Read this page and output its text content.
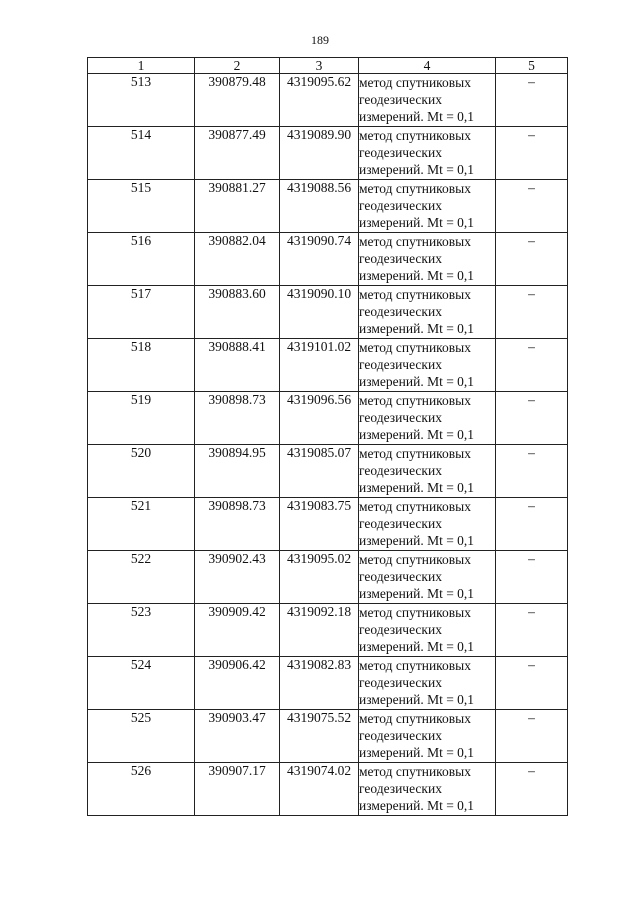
189
1	2	3	4	5
513	390879.48	4319095.62	метод спутниковых
геодезических
измерений. Mt = 0,1	–
514	390877.49	4319089.90	метод спутниковых
геодезических
измерений. Mt = 0,1	–
515	390881.27	4319088.56	метод спутниковых
геодезических
измерений. Mt = 0,1	–
516	390882.04	4319090.74	метод спутниковых
геодезических
измерений. Mt = 0,1	–
517	390883.60	4319090.10	метод спутниковых
геодезических
измерений. Mt = 0,1	–
518	390888.41	4319101.02	метод спутниковых
геодезических
измерений. Mt = 0,1	–
519	390898.73	4319096.56	метод спутниковых
геодезических
измерений. Mt = 0,1	–
520	390894.95	4319085.07	метод спутниковых
геодезических
измерений. Mt = 0,1	–
521	390898.73	4319083.75	метод спутниковых
геодезических
измерений. Mt = 0,1	–
522	390902.43	4319095.02	метод спутниковых
геодезических
измерений. Mt = 0,1	–
523	390909.42	4319092.18	метод спутниковых
геодезических
измерений. Mt = 0,1	–
524	390906.42	4319082.83	метод спутниковых
геодезических
измерений. Mt = 0,1	–
525	390903.47	4319075.52	метод спутниковых
геодезических
измерений. Mt = 0,1	–
526	390907.17	4319074.02	метод спутниковых
геодезических
измерений. Mt = 0,1	–
